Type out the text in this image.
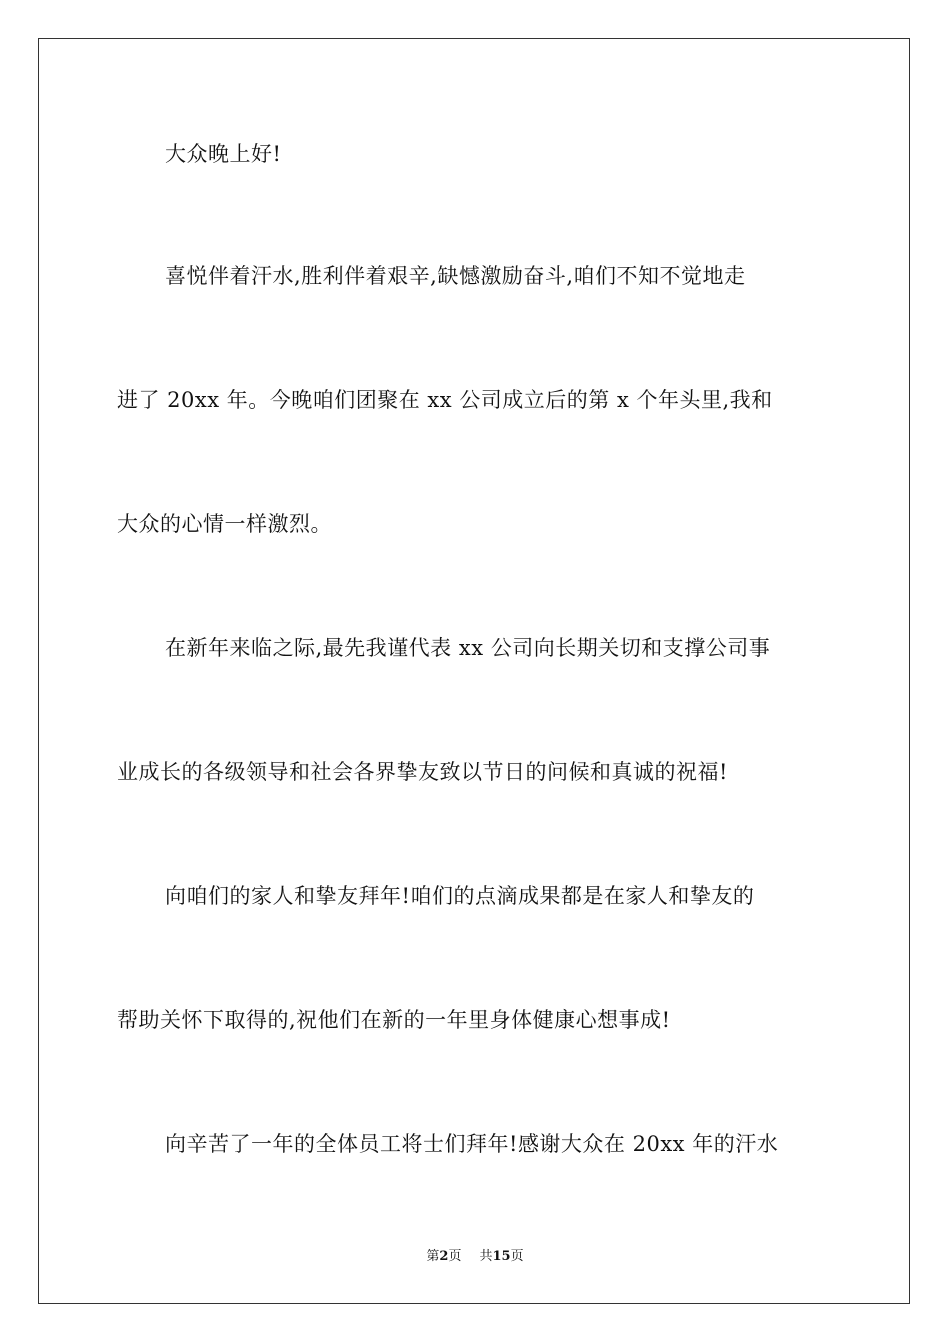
大众晚上好!
喜悦伴着汗水,胜利伴着艰辛,缺憾激励奋斗,咱们不知不觉地走
进了 20xx 年。今晚咱们团聚在 xx 公司成立后的第 x 个年头里,我和
大众的心情一样激烈。
在新年来临之际,最先我谨代表 xx 公司向长期关切和支撑公司事
业成长的各级领导和社会各界挚友致以节日的问候和真诚的祝福!
向咱们的家人和挚友拜年!咱们的点滴成果都是在家人和挚友的
帮助关怀下取得的,祝他们在新的一年里身体健康心想事成!
向辛苦了一年的全体员工将士们拜年!感谢大众在 20xx 年的汗水
第2页 共15页
